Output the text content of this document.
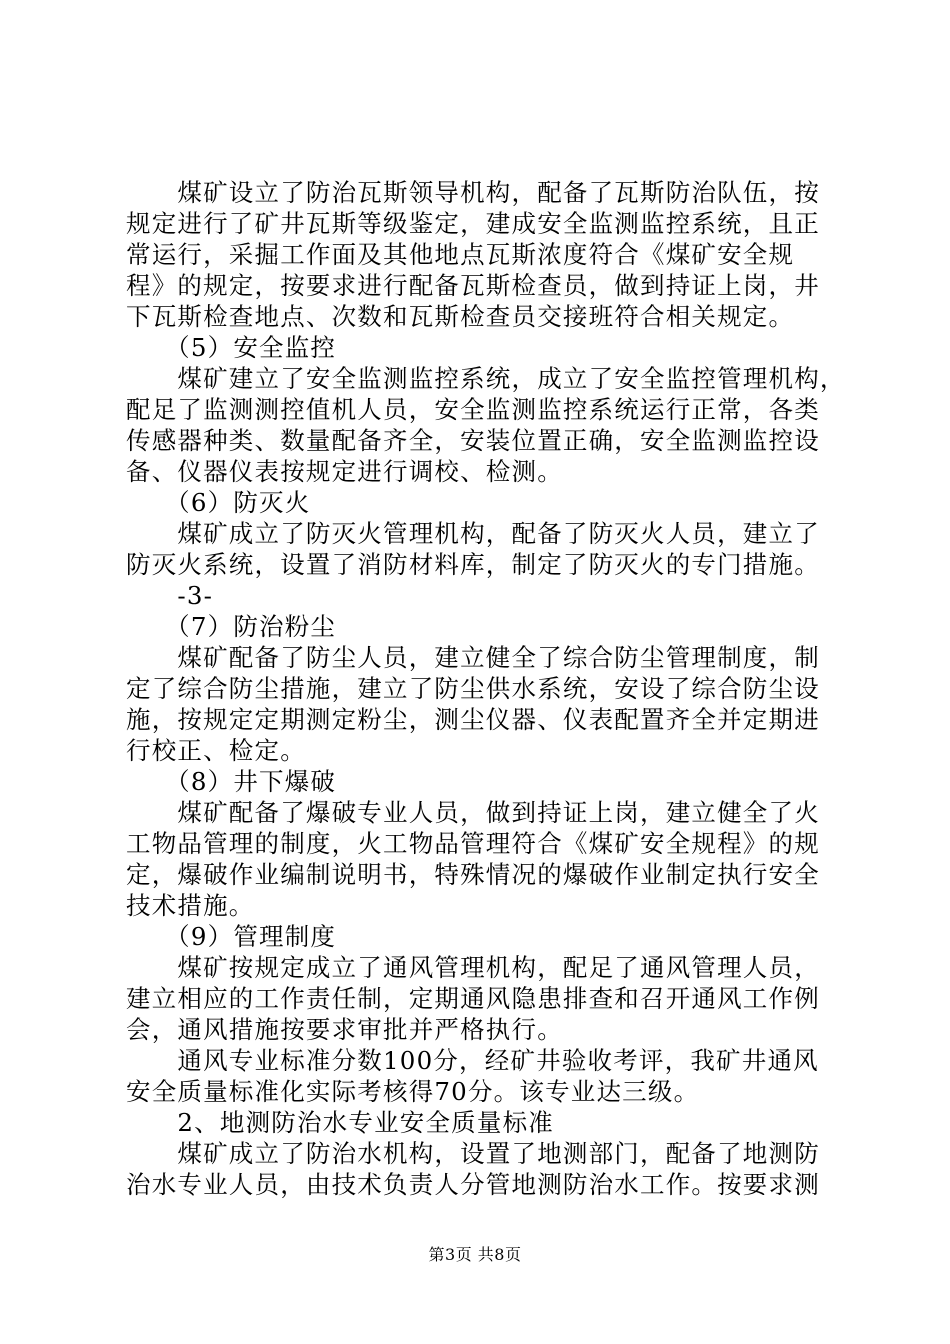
　　煤矿设立了防治瓦斯领导机构，配备了瓦斯防治队伍，按
规定进行了矿井瓦斯等级鉴定，建成安全监测监控系统，且正
常运行，采掘工作面及其他地点瓦斯浓度符合《煤矿安全规
程》的规定，按要求进行配备瓦斯检查员，做到持证上岗，井
下瓦斯检查地点、次数和瓦斯检查员交接班符合相关规定。
　　（5）安全监控
　　煤矿建立了安全监测监控系统，成立了安全监控管理机构，
配足了监测测控值机人员，安全监测监控系统运行正常，各类
传感器种类、数量配备齐全，安装位置正确，安全监测监控设
备、仪器仪表按规定进行调校、检测。
　　（6）防灭火
　　煤矿成立了防灭火管理机构，配备了防灭火人员，建立了
防灭火系统，设置了消防材料库，制定了防灭火的专门措施。
　　-3-
　　（7）防治粉尘
　　煤矿配备了防尘人员，建立健全了综合防尘管理制度，制
定了综合防尘措施，建立了防尘供水系统，安设了综合防尘设
施，按规定定期测定粉尘，测尘仪器、仪表配置齐全并定期进
行校正、检定。
　　（8）井下爆破
　　煤矿配备了爆破专业人员，做到持证上岗，建立健全了火
工物品管理的制度，火工物品管理符合《煤矿安全规程》的规
定，爆破作业编制说明书，特殊情况的爆破作业制定执行安全
技术措施。
　　（9）管理制度
　　煤矿按规定成立了通风管理机构，配足了通风管理人员，
建立相应的工作责任制，定期通风隐患排查和召开通风工作例
会，通风措施按要求审批并严格执行。
　　通风专业标准分数100分，经矿井验收考评，我矿井通风
安全质量标准化实际考核得70分。该专业达三级。
　　2、地测防治水专业安全质量标准
　　煤矿成立了防治水机构，设置了地测部门，配备了地测防
治水专业人员，由技术负责人分管地测防治水工作。按要求测
第3页 共8页
